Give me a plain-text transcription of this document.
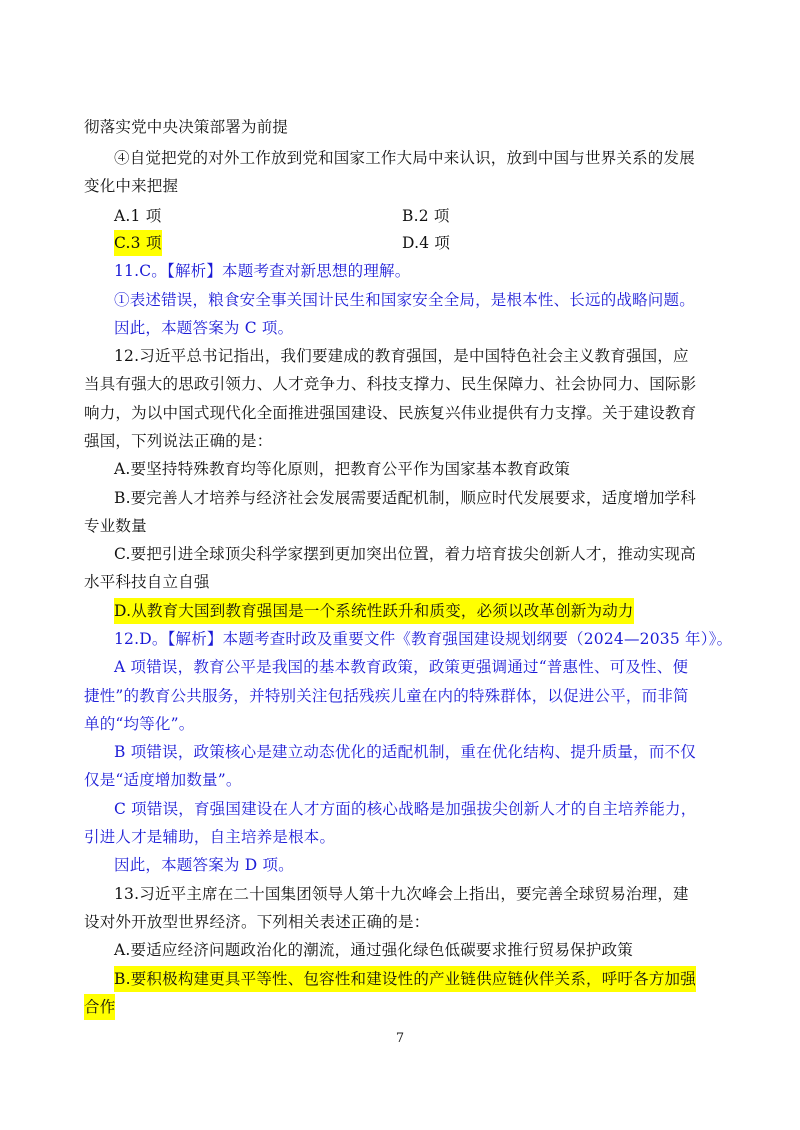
彻落实党中央决策部署为前提
④自觉把党的对外工作放到党和国家工作大局中来认识，放到中国与世界关系的发展
变化中来把握
A.1 项	B.2 项
C.3 项	D.4 项
11.C。【解析】本题考查对新思想的理解。
①表述错误，粮食安全事关国计民生和国家安全全局，是根本性、长远的战略问题。
因此，本题答案为 C 项。
12.习近平总书记指出，我们要建成的教育强国，是中国特色社会主义教育强国，应
当具有强大的思政引领力、人才竞争力、科技支撑力、民生保障力、社会协同力、国际影
响力，为以中国式现代化全面推进强国建设、民族复兴伟业提供有力支撑。关于建设教育
强国，下列说法正确的是：
A.要坚持特殊教育均等化原则，把教育公平作为国家基本教育政策
B.要完善人才培养与经济社会发展需要适配机制，顺应时代发展要求，适度增加学科
专业数量
C.要把引进全球顶尖科学家摆到更加突出位置，着力培育拔尖创新人才，推动实现高
水平科技自立自强
D.从教育大国到教育强国是一个系统性跃升和质变，必须以改革创新为动力
12.D。【解析】本题考查时政及重要文件《教育强国建设规划纲要（2024—2035 年）》。
A 项错误，教育公平是我国的基本教育政策，政策更强调通过“普惠性、可及性、便
捷性”的教育公共服务，并特别关注包括残疾儿童在内的特殊群体，以促进公平，而非简
单的“均等化”。
B 项错误，政策核心是建立动态优化的适配机制，重在优化结构、提升质量，而不仅
仅是“适度增加数量”。
C 项错误，育强国建设在人才方面的核心战略是加强拔尖创新人才的自主培养能力，
引进人才是辅助，自主培养是根本。
因此，本题答案为 D 项。
13.习近平主席在二十国集团领导人第十九次峰会上指出，要完善全球贸易治理，建
设对外开放型世界经济。下列相关表述正确的是：
A.要适应经济问题政治化的潮流，通过强化绿色低碳要求推行贸易保护政策
B.要积极构建更具平等性、包容性和建设性的产业链供应链伙伴关系，呼吁各方加强
合作
7
